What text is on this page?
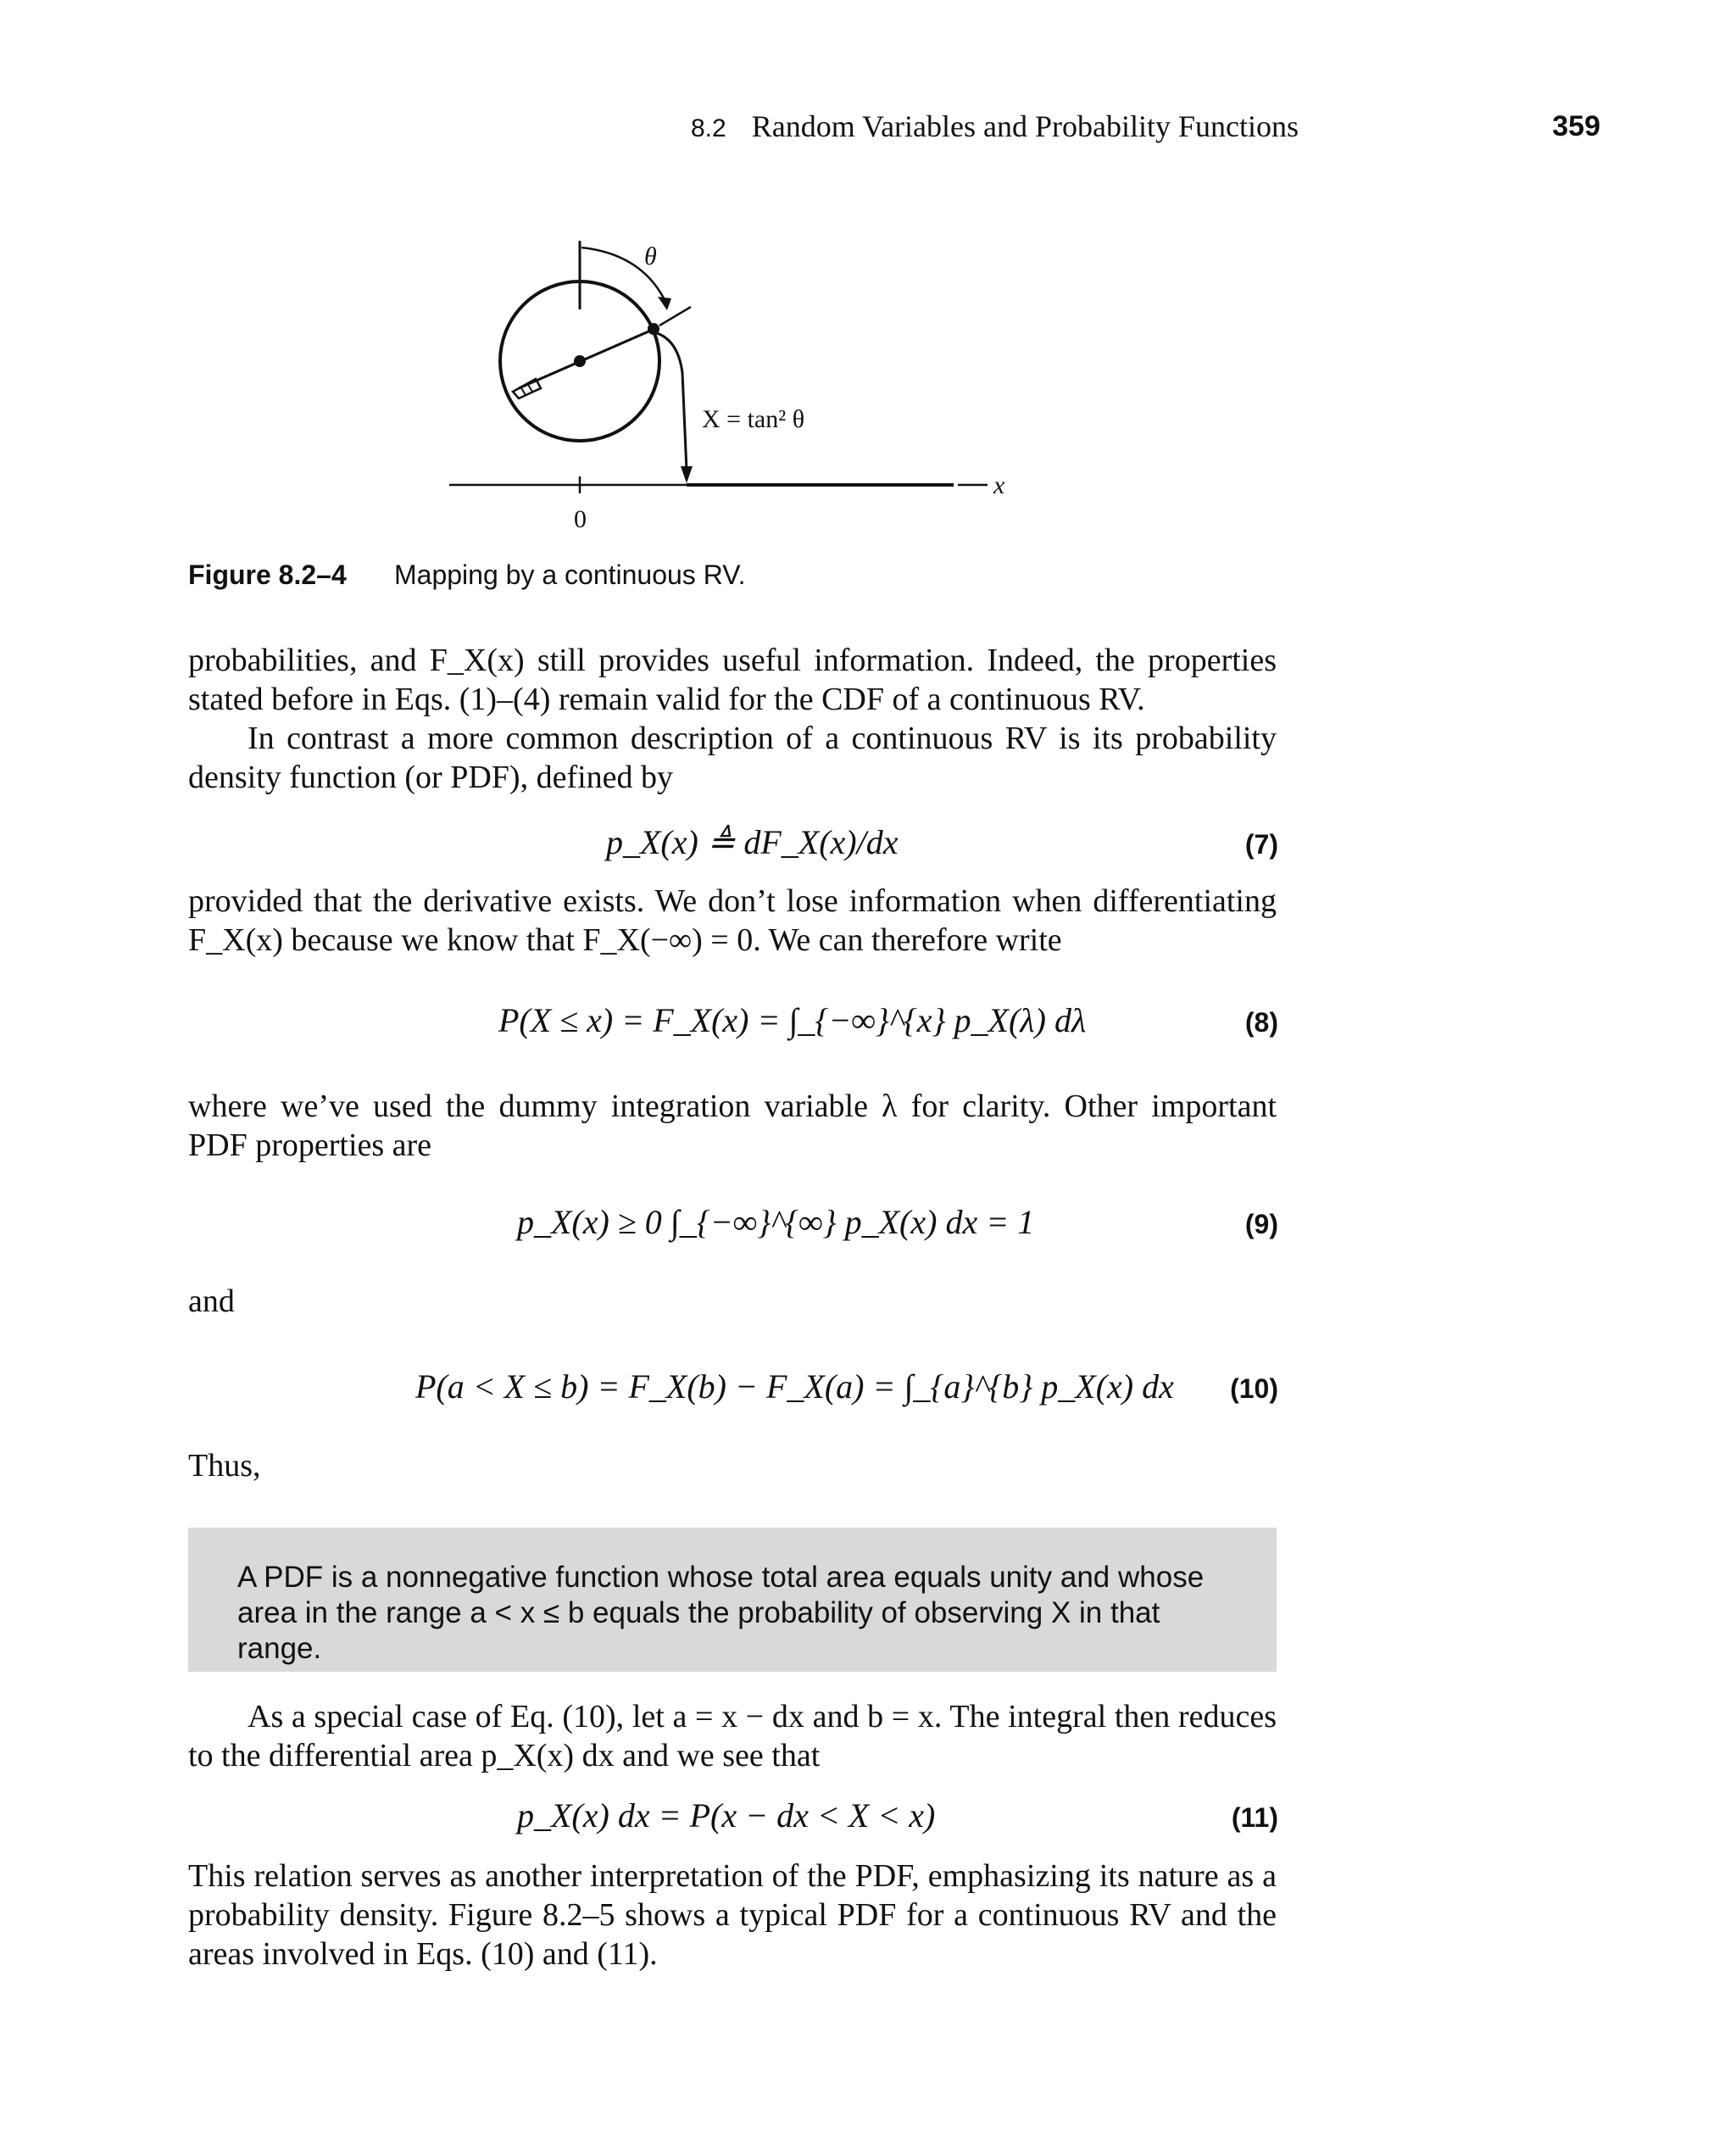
8.2 Random Variables and Probability Functions	359
θ
X = tan² θ
0
x
Figure 8.2–4 Mapping by a continuous RV.
probabilities, and F_X(x) still provides useful information. Indeed, the properties stated before in Eqs. (1)–(4) remain valid for the CDF of a continuous RV.
In contrast a more common description of a continuous RV is its probability density function (or PDF), defined by
p_X(x) ≜ dF_X(x)/dx	(7)
provided that the derivative exists. We don’t lose information when differentiating F_X(x) because we know that F_X(−∞) = 0. We can therefore write
P(X ≤ x) = F_X(x) = ∫_{−∞}^{x} p_X(λ) dλ	(8)
where we’ve used the dummy integration variable λ for clarity. Other important PDF properties are
p_X(x) ≥ 0 ∫_{−∞}^{∞} p_X(x) dx = 1	(9)
and
P(a < X ≤ b) = F_X(b) − F_X(a) = ∫_{a}^{b} p_X(x) dx (10)
Thus,
A PDF is a nonnegative function whose total area equals unity and whose area in the range a < x ≤ b equals the probability of observing X in that range.
As a special case of Eq. (10), let a = x − dx and b = x. The integral then reduces to the differential area p_X(x) dx and we see that
p_X(x) dx = P(x − dx < X < x)	(11)
This relation serves as another interpretation of the PDF, emphasizing its nature as a probability density. Figure 8.2–5 shows a typical PDF for a continuous RV and the areas involved in Eqs. (10) and (11).
